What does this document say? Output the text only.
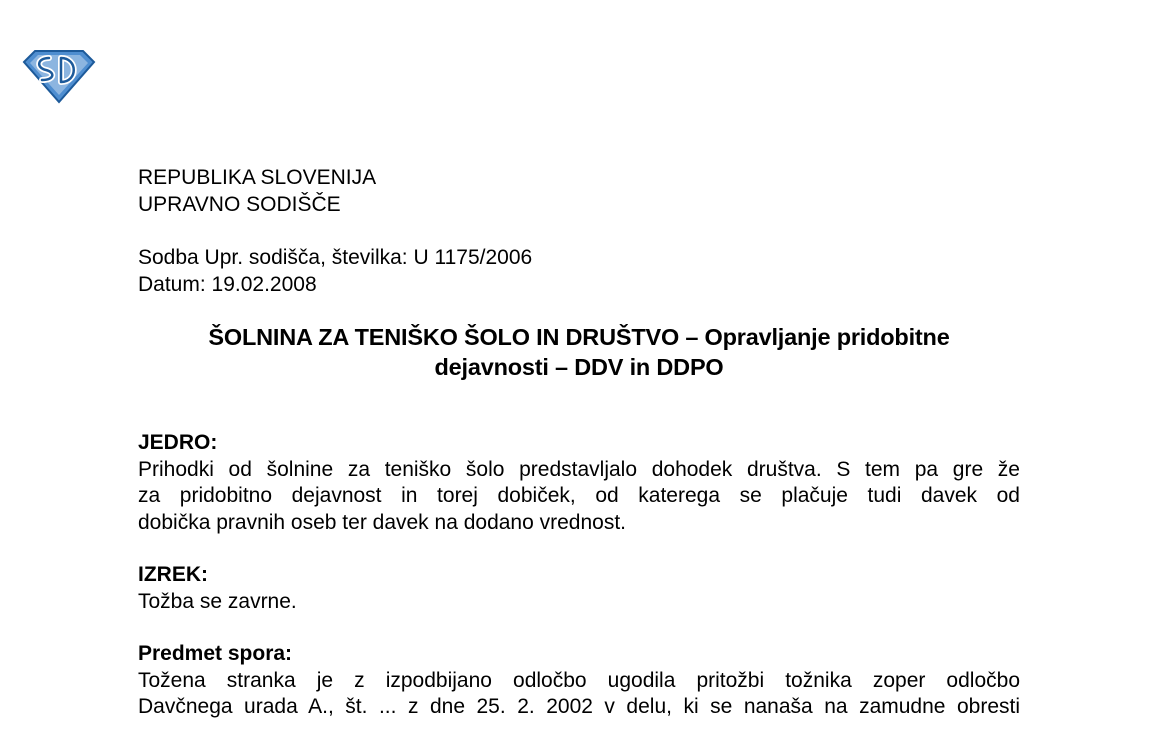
REPUBLIKA SLOVENIJA
UPRAVNO SODIŠČE
Sodba Upr. sodišča, številka: U 1175/2006
Datum: 19.02.2008
ŠOLNINA ZA TENIŠKO ŠOLO IN DRUŠTVO – Opravljanje pridobitne
dejavnosti – DDV in DDPO
JEDRO:
Prihodki od šolnine za teniško šolo predstavljalo dohodek društva. S tem pa gre že
za pridobitno dejavnost in torej dobiček, od katerega se plačuje tudi davek od
dobička pravnih oseb ter davek na dodano vrednost.
IZREK:
Tožba se zavrne.
Predmet spora:
Tožena stranka je z izpodbijano odločbo ugodila pritožbi tožnika zoper odločbo
Davčnega urada A., št. ... z dne 25. 2. 2002 v delu, ki se nanaša na zamudne obresti
